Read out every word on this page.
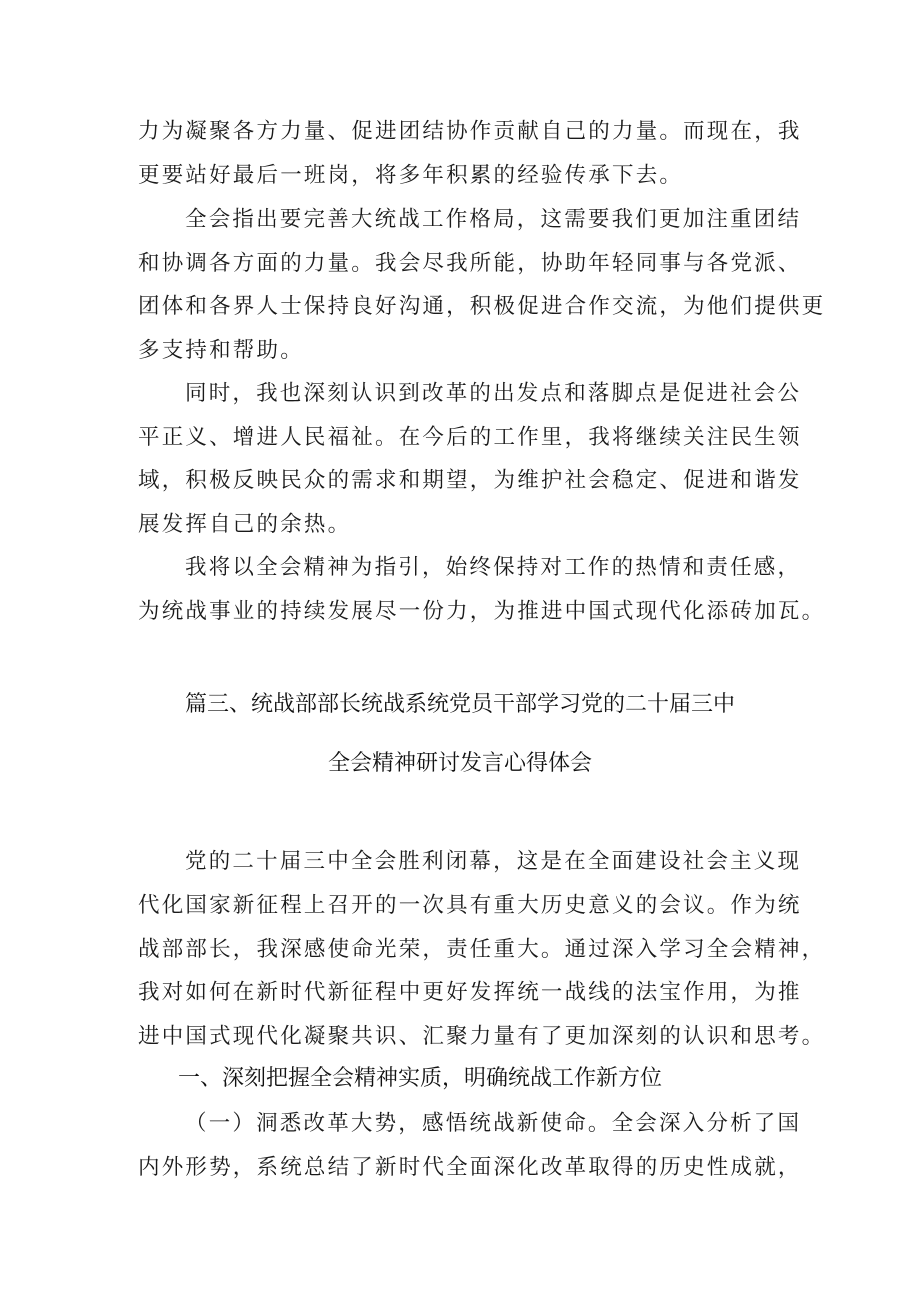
力为凝聚各方力量、促进团结协作贡献自己的力量。而现在，我
更要站好最后一班岗，将多年积累的经验传承下去。
全会指出要完善大统战工作格局，这需要我们更加注重团结
和协调各方面的力量。我会尽我所能，协助年轻同事与各党派、
团体和各界人士保持良好沟通，积极促进合作交流，为他们提供更
多支持和帮助。
同时，我也深刻认识到改革的出发点和落脚点是促进社会公
平正义、增进人民福祉。在今后的工作里，我将继续关注民生领
域，积极反映民众的需求和期望，为维护社会稳定、促进和谐发
展发挥自己的余热。
我将以全会精神为指引，始终保持对工作的热情和责任感，
为统战事业的持续发展尽一份力，为推进中国式现代化添砖加瓦。
篇三、统战部部长统战系统党员干部学习党的二十届三中
全会精神研讨发言心得体会
党的二十届三中全会胜利闭幕，这是在全面建设社会主义现
代化国家新征程上召开的一次具有重大历史意义的会议。作为统
战部部长，我深感使命光荣，责任重大。通过深入学习全会精神，
我对如何在新时代新征程中更好发挥统一战线的法宝作用，为推
进中国式现代化凝聚共识、汇聚力量有了更加深刻的认识和思考。
一、深刻把握全会精神实质，明确统战工作新方位
（一）洞悉改革大势，感悟统战新使命。全会深入分析了国
内外形势，系统总结了新时代全面深化改革取得的历史性成就，
